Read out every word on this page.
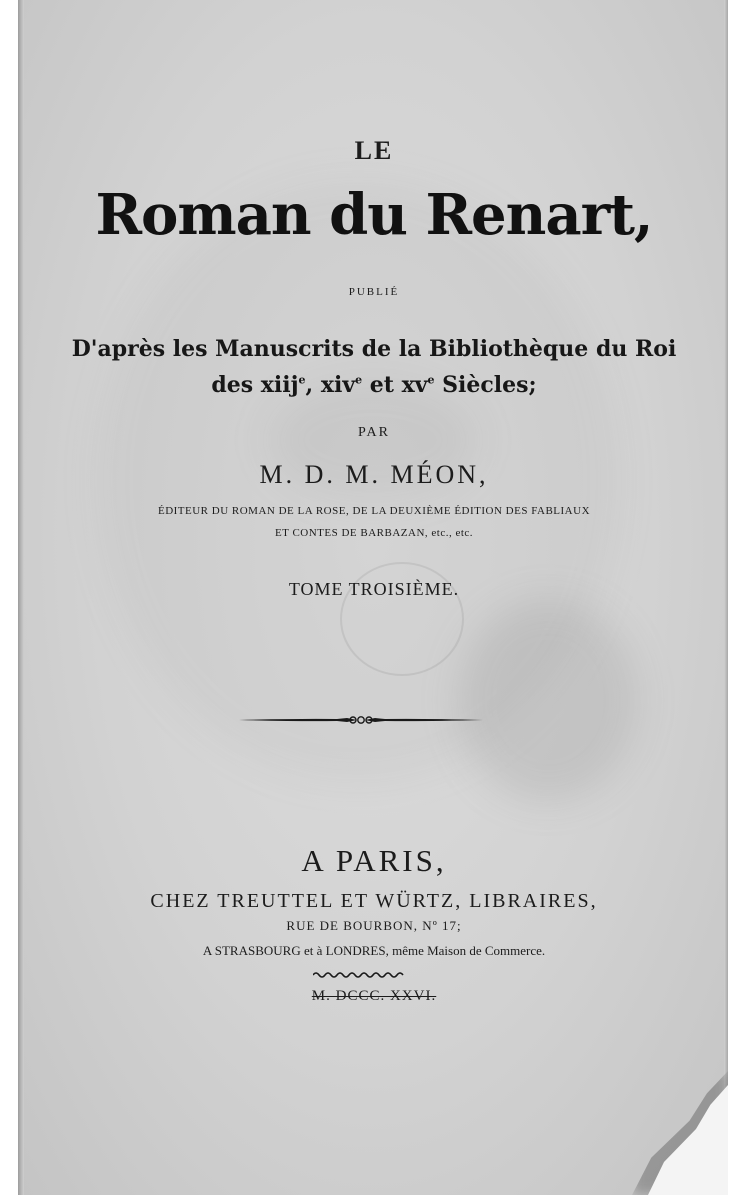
LE
Roman du Renart,
PUBLIÉ
D'après les Manuscrits de la Bibliothèque du Roi
des xiij$^e$, xiv$^e$ et $xv^e$ Siècles;
PAR
M. D. M. MÉON,
ÉDITEUR DU ROMAN DE LA ROSE, DE LA DEUXIÈME ÉDITION DES FABLIAUX
ET CONTES DE BARBAZAN, etc., etc.
TOME TROISIÈME.
A PARIS,
CHEZ TREUTTEL ET WÜRTZ, LIBRAIRES,
RUE DE BOURBON, Nº 17;
A STRASBOURG et à LONDRES, même Maison de Commerce.
M. DCCC. XXVI.
